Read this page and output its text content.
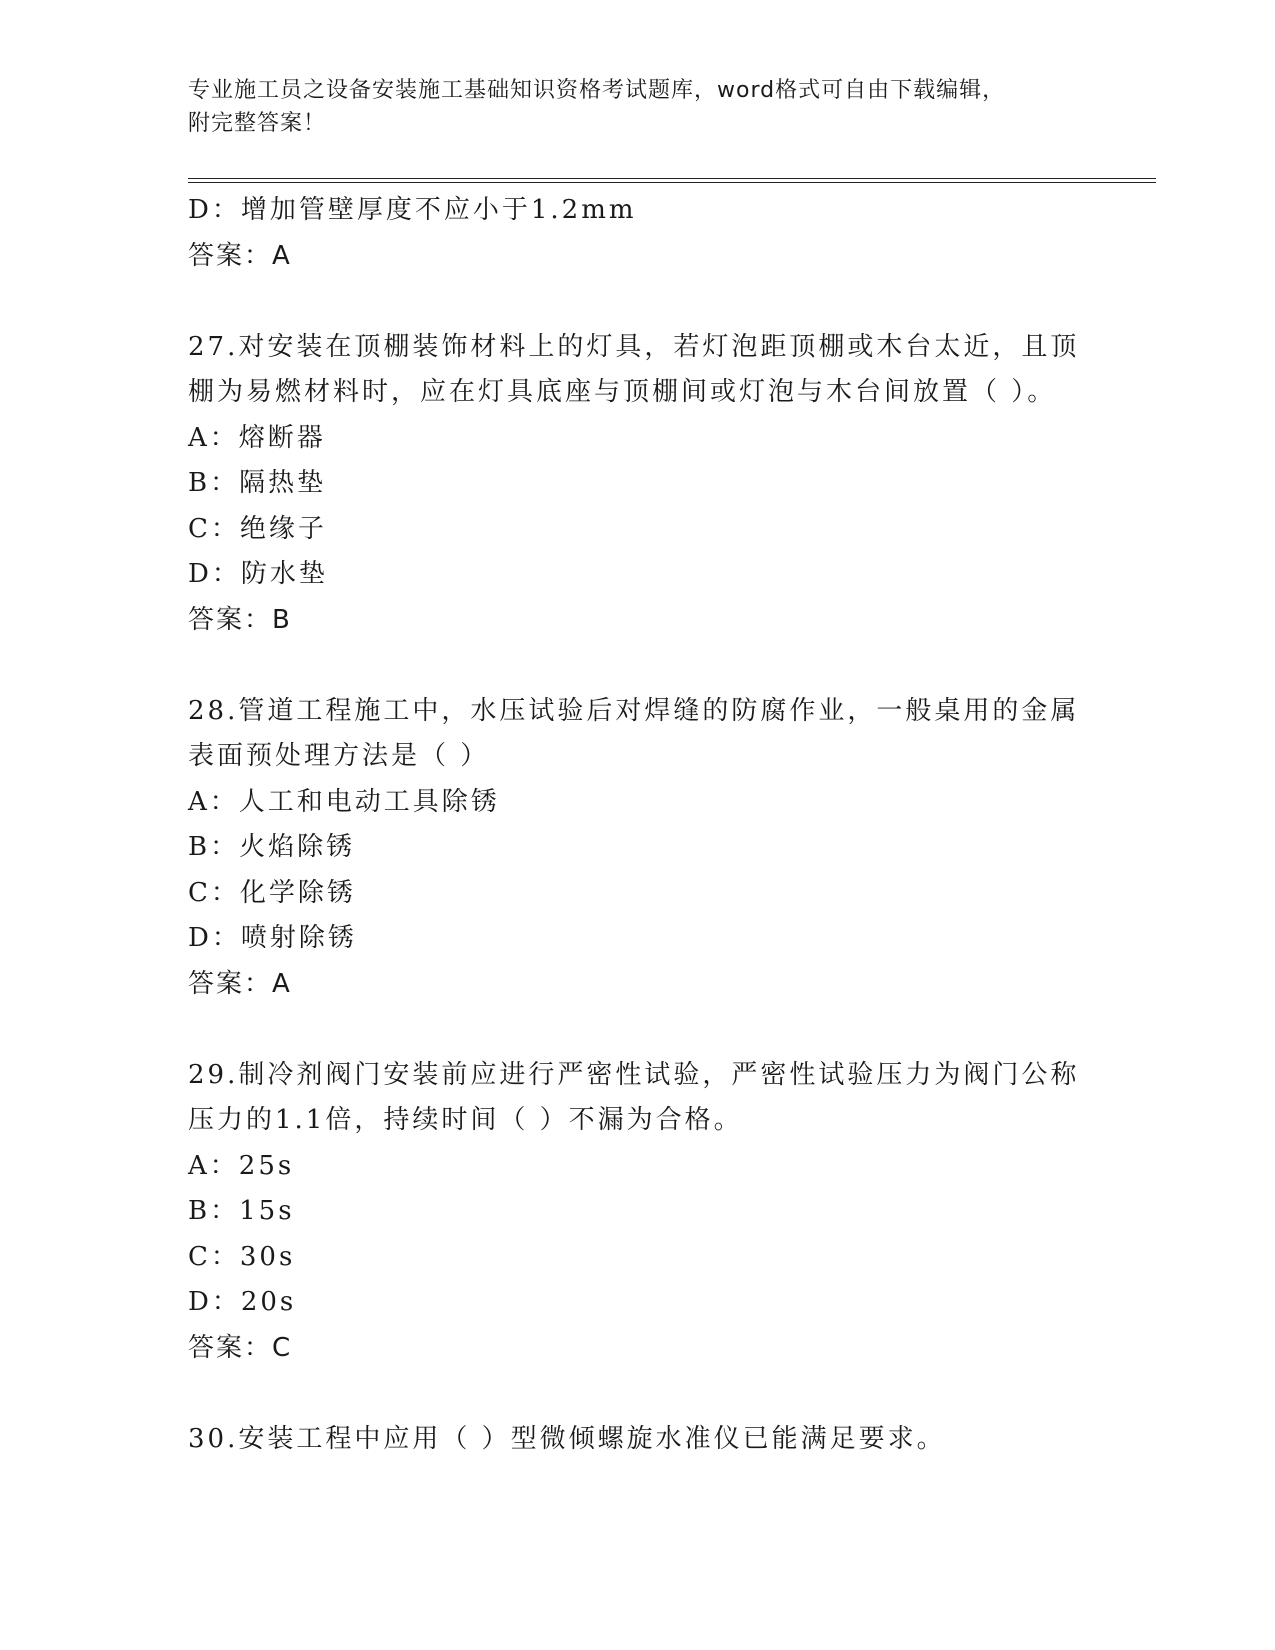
专业施工员之设备安装施工基础知识资格考试题库，word格式可自由下载编辑，
附完整答案！
D：增加管壁厚度不应小于1.2mm
答案：A
27.对安装在顶棚装饰材料上的灯具，若灯泡距顶棚或木台太近，且顶
棚为易燃材料时，应在灯具底座与顶棚间或灯泡与木台间放置（ ）。
A：熔断器
B：隔热垫
C：绝缘子
D：防水垫
答案：B
28.管道工程施工中，水压试验后对焊缝的防腐作业，一般桌用的金属
表面预处理方法是（ ）
A：人工和电动工具除锈
B：火焰除锈
C：化学除锈
D：喷射除锈
答案：A
29.制冷剂阀门安装前应进行严密性试验，严密性试验压力为阀门公称
压力的1.1倍，持续时间（ ）不漏为合格。
A：25s
B：15s
C：30s
D：20s
答案：C
30.安装工程中应用（ ）型微倾螺旋水准仪已能满足要求。
